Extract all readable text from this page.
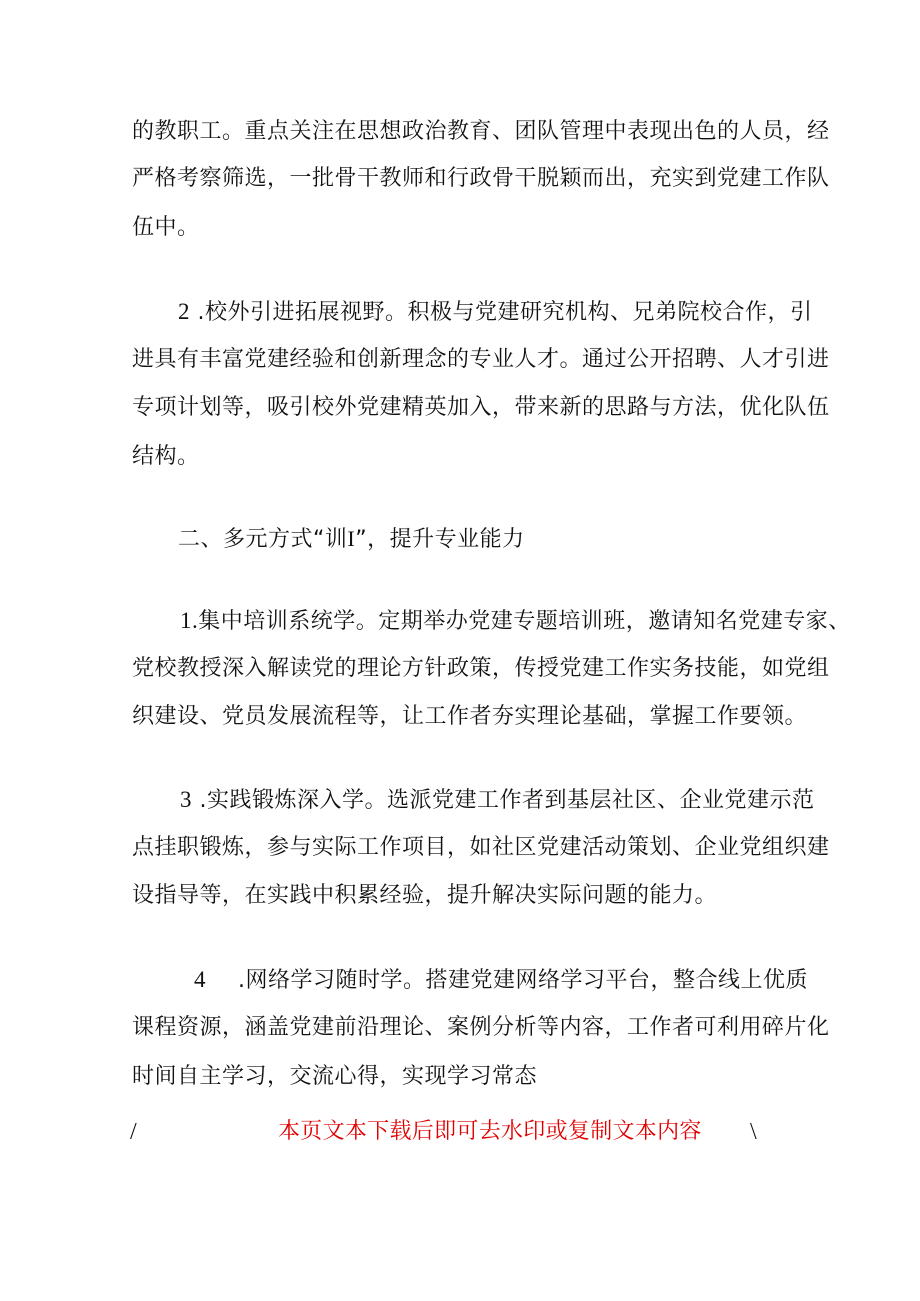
的教职工。重点关注在思想政治教育、团队管理中表现出色的人员，经
严格考察筛选，一批骨干教师和行政骨干脱颖而出，充实到党建工作队
伍中。
2 .校外引进拓展视野。积极与党建研究机构、兄弟院校合作，引
进具有丰富党建经验和创新理念的专业人才。通过公开招聘、人才引进
专项计划等，吸引校外党建精英加入，带来新的思路与方法，优化队伍
结构。
二、多元方式“训I”，提升专业能力
1.集中培训系统学。定期举办党建专题培训班，邀请知名党建专家、
党校教授深入解读党的理论方针政策，传授党建工作实务技能，如党组
织建设、党员发展流程等，让工作者夯实理论基础，掌握工作要领。
3 .实践锻炼深入学。选派党建工作者到基层社区、企业党建示范
点挂职锻炼，参与实际工作项目，如社区党建活动策划、企业党组织建
设指导等，在实践中积累经验，提升解决实际问题的能力。
4 .网络学习随时学。搭建党建网络学习平台，整合线上优质
课程资源，涵盖党建前沿理论、案例分析等内容，工作者可利用碎片化
时间自主学习，交流心得，实现学习常态
/	本页文本下载后即可去水印或复制文本内容 \
